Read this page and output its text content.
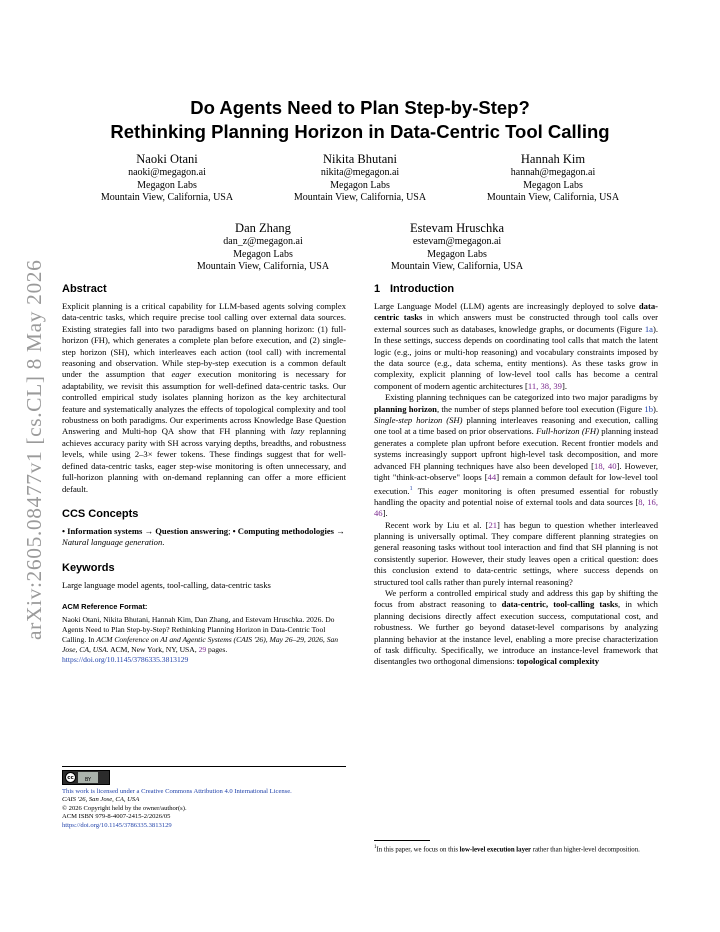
arXiv:2605.08477v1 [cs.CL] 8 May 2026
Do Agents Need to Plan Step-by-Step?
Rethinking Planning Horizon in Data-Centric Tool Calling
Naoki Otani
naoki@megagon.ai
Megagon Labs
Mountain View, California, USA
Nikita Bhutani
nikita@megagon.ai
Megagon Labs
Mountain View, California, USA
Hannah Kim
hannah@megagon.ai
Megagon Labs
Mountain View, California, USA
Dan Zhang
dan_z@megagon.ai
Megagon Labs
Mountain View, California, USA
Estevam Hruschka
estevam@megagon.ai
Megagon Labs
Mountain View, California, USA
Abstract

Explicit planning is a critical capability for LLM-based agents solving complex data-centric tasks, which require precise tool calling over external data sources. Existing strategies fall into two paradigms based on planning horizon: (1) full-horizon (FH), which generates a complete plan before execution, and (2) single-step horizon (SH), which interleaves each action (tool call) with incremental reasoning and observation. While step-by-step execution is a common default under the assumption that eager execution monitoring is necessary for adaptability, we revisit this assumption for well-defined data-centric tasks. Our controlled empirical study isolates planning horizon as the key architectural feature and systematically analyzes the effects of topological complexity and tool robustness on both paradigms. Our experiments across Knowledge Base Question Answering and Multi-hop QA show that FH planning with lazy replanning achieves accuracy parity with SH across varying depths, breadths, and robustness levels, while using 2–3× fewer tokens. These findings suggest that for well-defined data-centric tasks, eager step-wise monitoring is often unnecessary, and full-horizon planning with on-demand replanning can offer a more efficient default.

CCS Concepts

• Information systems → Question answering; • Computing methodologies → Natural language generation.

Keywords

Large language model agents, tool-calling, data-centric tasks

ACM Reference Format:
Naoki Otani, Nikita Bhutani, Hannah Kim, Dan Zhang, and Estevam Hruschka. 2026. Do Agents Need to Plan Step-by-Step? Rethinking Planning Horizon in Data-Centric Tool Calling. In ACM Conference on AI and Agentic Systems (CAIS '26), May 26–29, 2026, San Jose, CA, USA. ACM, New York, NY, USA, 29 pages. https://doi.org/10.1145/3786335.3813129
cc	BY
This work is licensed under a Creative Commons Attribution 4.0 International License.
CAIS '26, San Jose, CA, USA
© 2026 Copyright held by the owner/author(s).
ACM ISBN 979-8-4007-2415-2/2026/05
https://doi.org/10.1145/3786335.3813129
1 Introduction

Large Language Model (LLM) agents are increasingly deployed to solve data-centric tasks in which answers must be constructed through tool calls over external sources such as databases, knowledge graphs, or documents (Figure 1a). In these settings, success depends on coordinating tool calls that match the latent logic (e.g., joins or multi-hop reasoning) and vocabulary constraints imposed by the data source (e.g., data schema, entity mentions). As these tasks grow in complexity, explicit planning of low-level tool calls has become a central component of modern agentic architectures [11, 38, 39].

Existing planning techniques can be categorized into two major paradigms by planning horizon, the number of steps planned before tool execution (Figure 1b). Single-step horizon (SH) planning interleaves reasoning and execution, calling one tool at a time based on prior observations. Full-horizon (FH) planning instead generates a complete plan upfront before execution. Recent frontier models and systems increasingly support upfront high-level task decomposition, and more advanced FH planning techniques have also been developed [18, 40]. However, tight "think-act-observe" loops [44] remain a common default for low-level tool execution.$^1$ This eager monitoring is often presumed essential for robustly handling the opacity and potential noise of external tools and data sources [8, 16, 46].

Recent work by Liu et al. [21] has begun to question whether interleaved planning is universally optimal. They compare different planning strategies on general reasoning tasks without tool interaction and find that SH planning is not consistently superior. However, their study leaves open a critical question: does this conclusion extend to data-centric settings, where success depends on structured tool calls rather than purely internal reasoning?

We perform a controlled empirical study and address this gap by shifting the focus from abstract reasoning to data-centric, tool-calling tasks, in which planning decisions directly affect execution success, computational cost, and robustness. We further go beyond dataset-level comparisons by analyzing planning behavior at the instance level, enabling a more precise characterization of task difficulty. Specifically, we introduce an instance-level framework that disentangles two orthogonal dimensions: topological complexity

$^1$In this paper, we focus on this low-level execution layer rather than higher-level decomposition.
